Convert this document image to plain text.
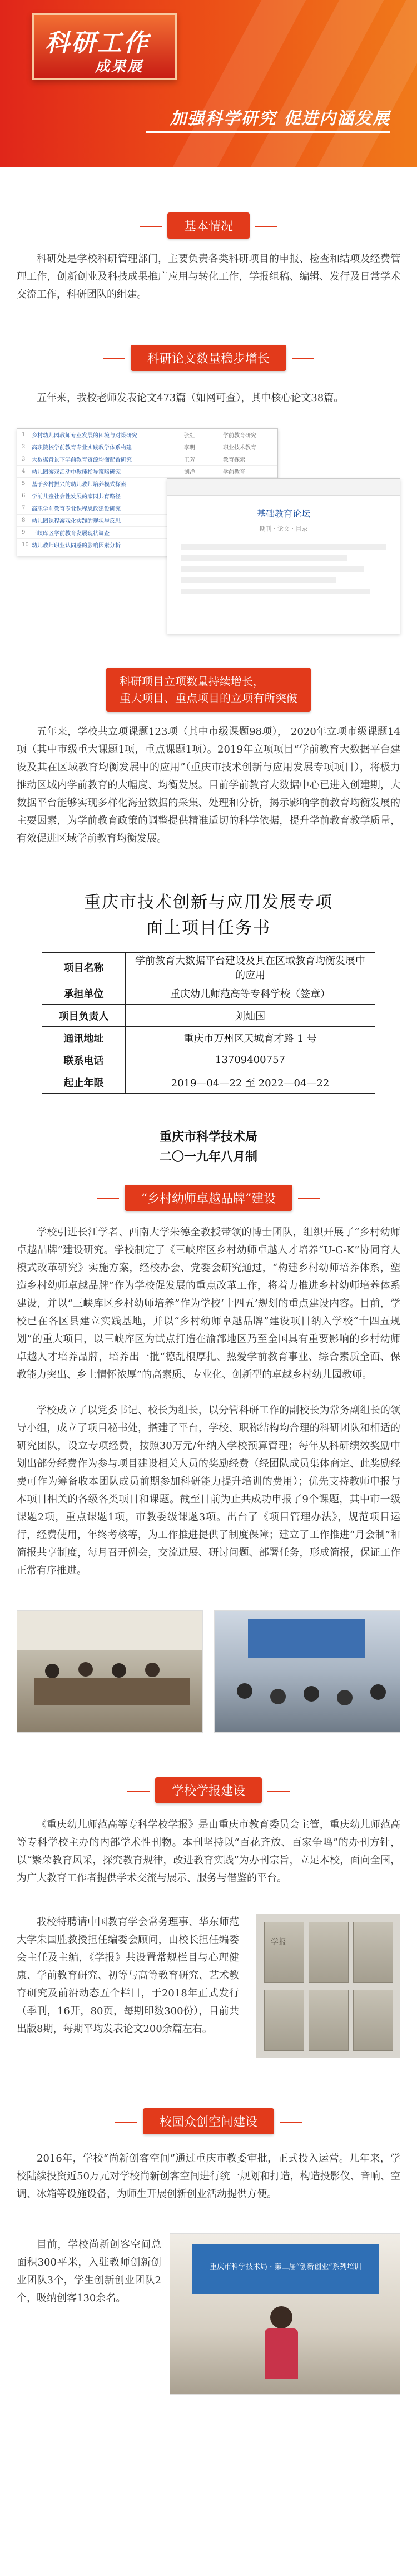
科研工作
成果展
加强科学研究 促进内涵发展
基本情况
科研处是学校科研管理部门，主要负责各类科研项目的申报、检查和结项及经费管理工作，创新创业及科技成果推广应用与转化工作，学报组稿、编辑、发行及日常学术交流工作，科研团队的组建。
科研论文数量稳步增长
五年来，我校老师发表论文473篇（如网可查），其中核心论文38篇。
1	乡村幼儿园教师专业发展的困境与对策研究	张红	学前教育研究
2	高职院校学前教育专业实践教学体系构建	李明	职业技术教育
3	大数据背景下学前教育资源均衡配置研究	王芳	教育探索
4	幼儿园游戏活动中教师指导策略研究	刘洋	学前教育
5	基于乡村振兴的幼儿教师培养模式探索
6	学前儿童社会性发展的家园共育路径
7	高职学前教育专业课程思政建设研究
8	幼儿园课程游戏化实践的现状与反思
9	三峡库区学前教育发展现状调查
10 幼儿教师职业认同感的影响因素分析
基础教育论坛
期刊 · 论文 · 目录
科研项目立项数量持续增长，
重大项目、重点项目的立项有所突破
五年来，学校共立项课题123项（其中市级课题98项）， 2020年立项市级课题14项（其中市级重大课题1项，重点课题1项）。2019年立项项目“学前教育大数据平台建设及其在区域教育均衡发展中的应用”（重庆市技术创新与应用发展专项项目），将极力推动区域内学前教育的大幅度、均衡发展。目前学前教育大数据中心已进入创建期，大数据平台能够实现多样化海量数据的采集、处理和分析，揭示影响学前教育均衡发展的主要因素，为学前教育政策的调整提供精准适切的科学依据，提升学前教育教学质量，有效促进区域学前教育均衡发展。
重庆市技术创新与应用发展专项
面上项目任务书
项目名称	学前教育大数据平台建设及其在区域教育均衡发展中的应用
承担单位	重庆幼儿师范高等专科学校（签章）
项目负责人	刘灿国
通讯地址	重庆市万州区天城育才路 1 号
联系电话	13709400757
起止年限	2019—04—22 至 2022—04—22
重庆市科学技术局
二〇一九年八月制
“乡村幼师卓越品牌”建设
学校引进长江学者、西南大学朱德全教授带领的博士团队，组织开展了“乡村幼师卓越品牌”建设研究。学校制定了《三峡库区乡村幼师卓越人才培养“U-G-K”协同育人模式改革研究》实施方案，经校办会、党委会研究通过，“构建乡村幼师培养体系，塑造乡村幼师卓越品牌”作为学校促发展的重点改革工作，将着力推进乡村幼师培养体系建设，并以“三峡库区乡村幼师培养”作为学校‘十四五’规划的重点建设内容。目前，学校已在各区县建立实践基地，并以“乡村幼师卓越品牌”建设项目纳入学校“十四五规划”的重大项目，以三峡库区为试点打造在渝部地区乃至全国具有重要影响的乡村幼师卓越人才培养品牌，培养出一批“德乱根厚扎、热爱学前教育事业、综合素质全面、保教能力突出、乡土情怀浓厚”的高素质、专业化、创新型的卓越乡村幼儿园教师。
学校成立了以党委书记、校长为组长，以分管科研工作的副校长为常务副组长的领导小组，成立了项目秘书处，搭建了平台，学校、职称结构均合理的科研团队和相适的研究团队，设立专项经费，按照30万元/年纳入学校预算管理；每年从科研绩效奖励中划出部分经费作为参与项目建设相关人员的奖励经费（经团队成员集体商定、此奖励经费可作为筹备收本团队成员前期参加科研能力提升培训的费用）；优先支持教师申报与本项目相关的各级各类项目和课题。截至目前为止共成功申报了9个课题，其中市一级课题2项，重点课题1项，市教委级课题3项。出台了《项目管理办法》，规范项目运行，经费使用，年终考核等，为工作推进提供了制度保障；建立了工作推进“月会制”和简报共享制度，每月召开例会，交流进展、研讨问题、部署任务，形成简报，保证工作正常有序推进。
学校学报建设
《重庆幼儿师范高等专科学校学报》是由重庆市教育委员会主管，重庆幼儿师范高等专科学校主办的内部学术性刊物。本刊坚持以“百花齐放、百家争鸣”的办刊方针，以“繁荣教育风采，探究教育规律，改进教育实践”为办刊宗旨，立足本校，面向全国，为广大教育工作者提供学术交流与展示、服务与借鉴的平台。
我校特聘请中国教育学会常务理事、华东师范大学朱国胜教授担任编委会顾问，由校长担任编委会主任及主编，《学报》共设置常规栏目与心理健康、学前教育研究、初等与高等教育研究、艺术教育研究及前沿动态五个栏目，于2018年正式发行（季刊，16开，80页，每期印数300份），目前共出版8期，每期平均发表论文200余篇左右。
学报
校园众创空间建设
2016年，学校“尚新创客空间”通过重庆市教委审批，正式投入运营。几年来，学校陆续投资近50万元对学校尚新创客空间进行统一规划和打造，构造投影仪、音响、空调、冰箱等设施设备，为师生开展创新创业活动提供方便。
目前，学校尚新创客空间总面积300平米，入驻教师创新创业团队3个，学生创新创业团队2个，吸纳创客130余名。
重庆市科学技术局 · 第二届“创新创业”系列培训
